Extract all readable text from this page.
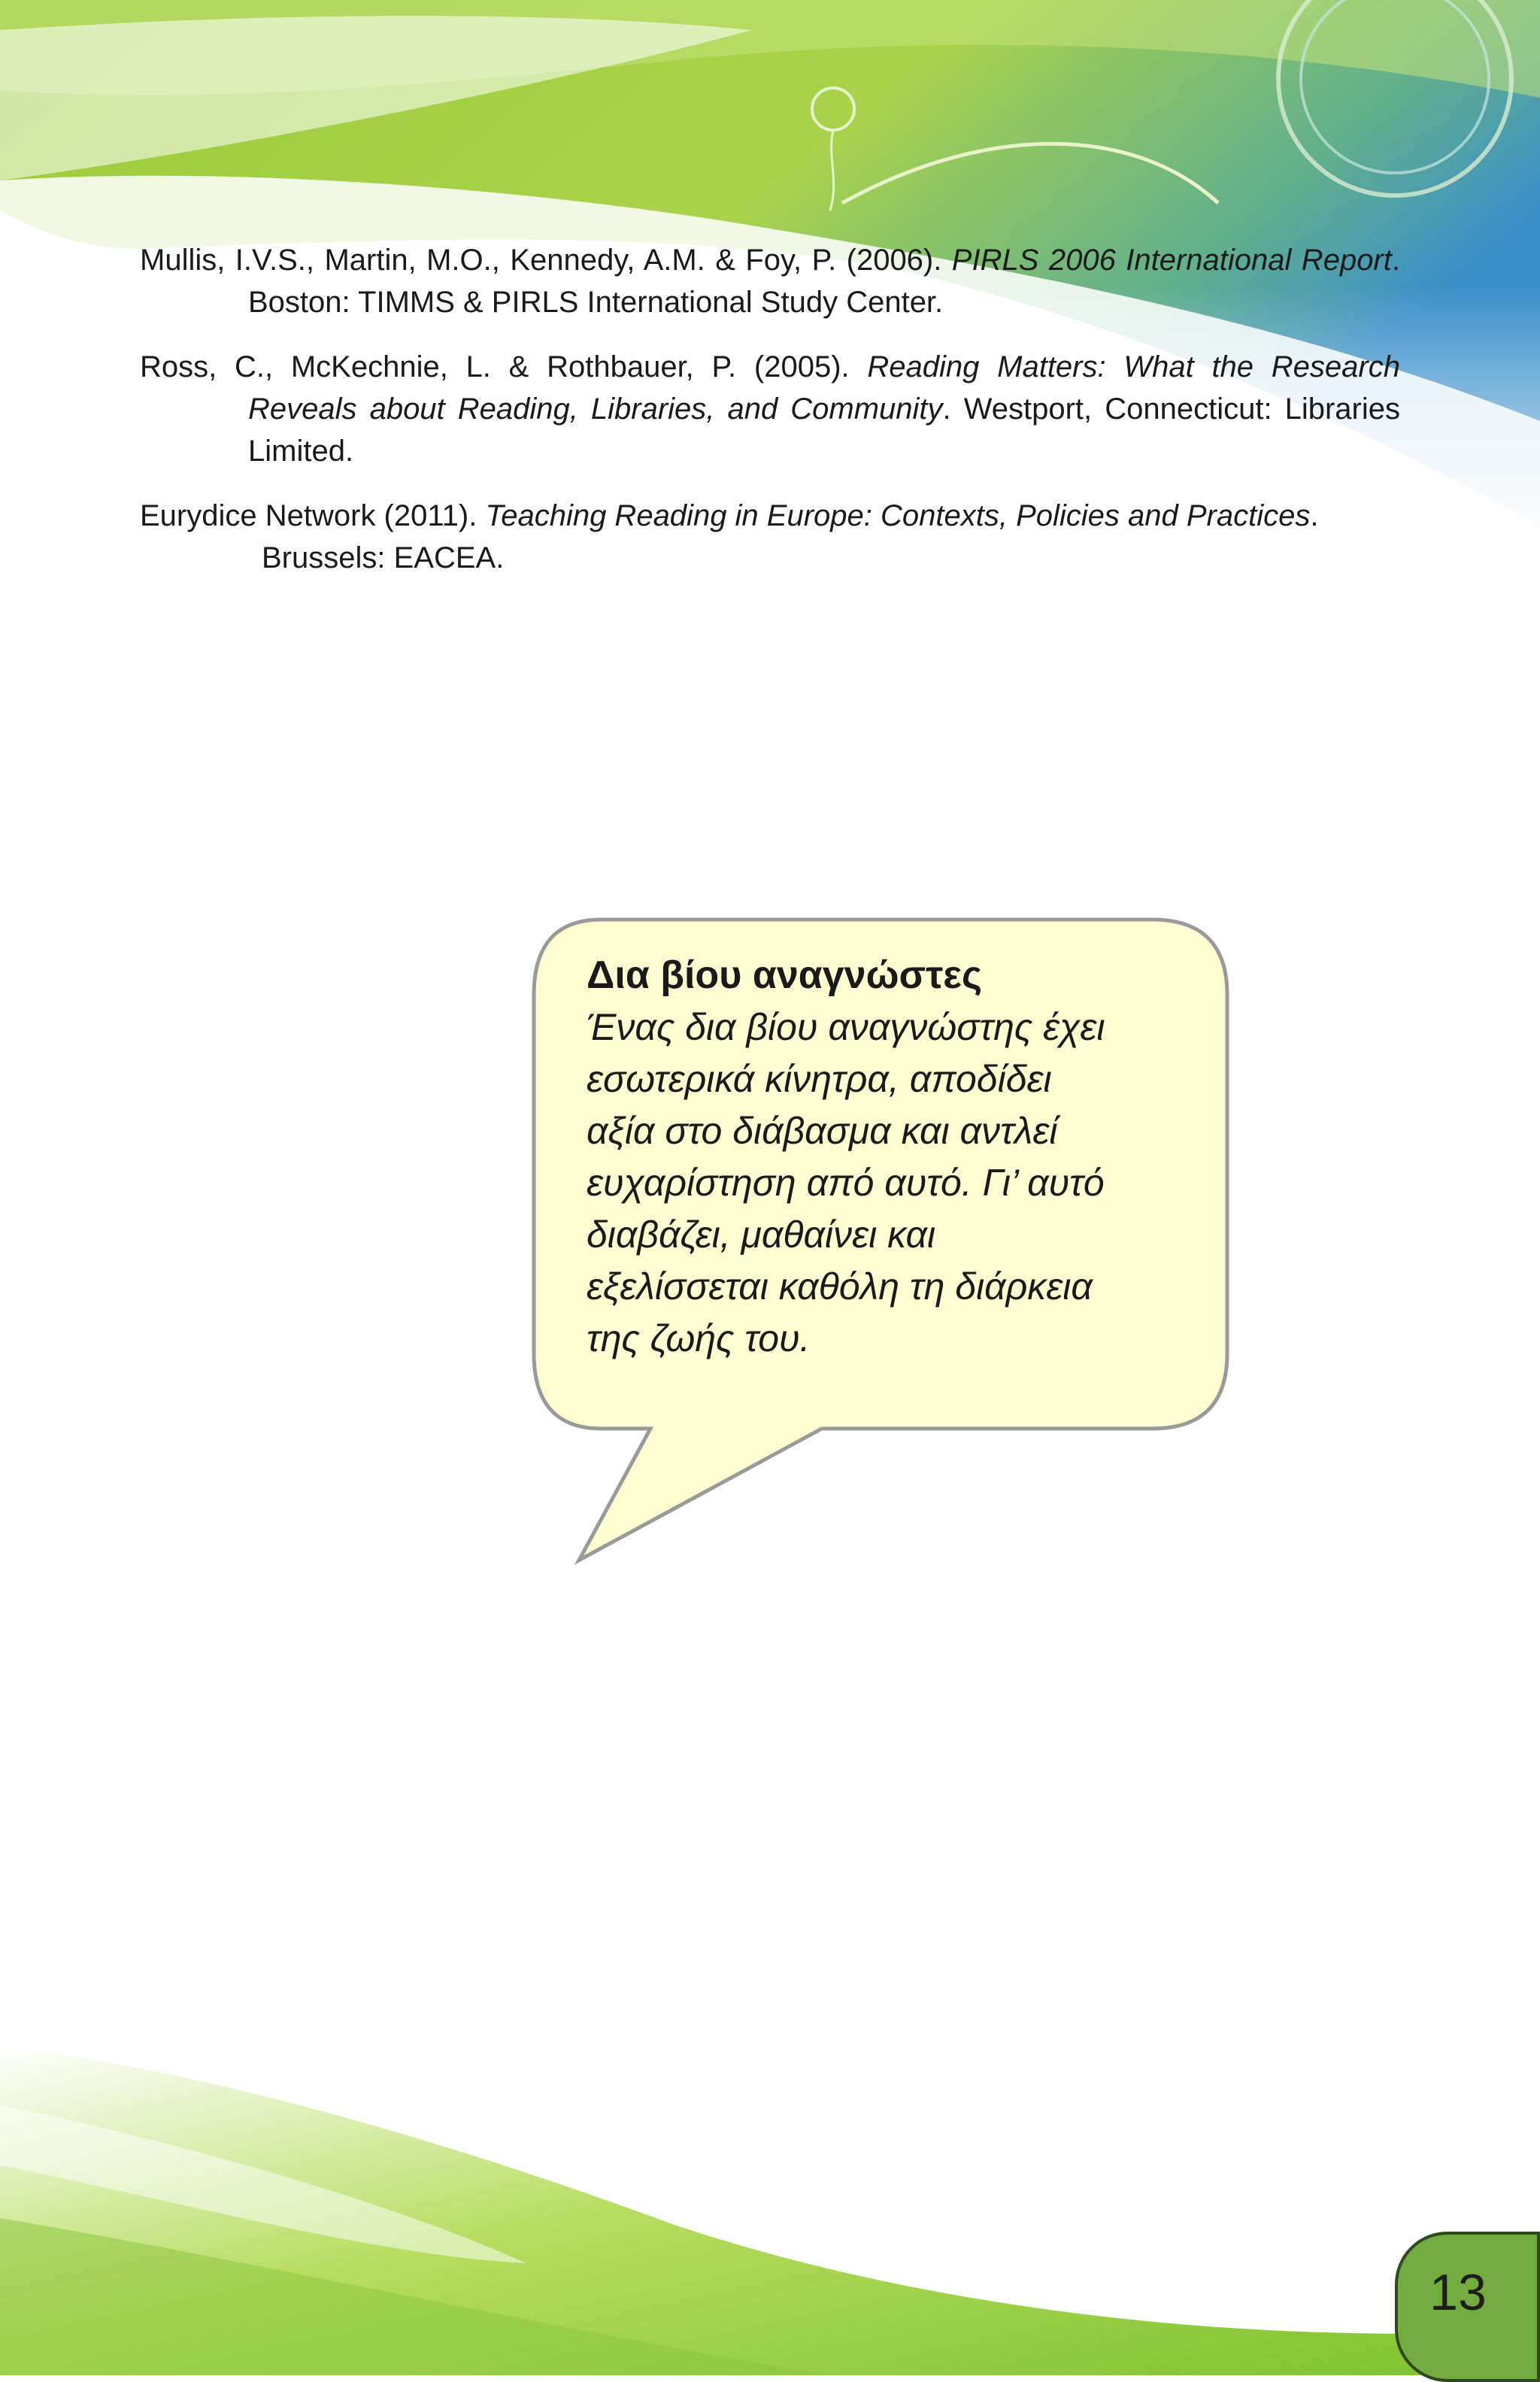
Mullis, I.V.S., Martin, M.O., Kennedy, A.M. & Foy, P. (2006). PIRLS 2006 International Report. Boston: TIMMS & PIRLS International Study Center.

Ross, C., McKechnie, L. & Rothbauer, P. (2005). Reading Matters: What the Research Reveals about Reading, Libraries, and Community. Westport, Connecticut: Libraries Limited.

Eurydice Network (2011). Teaching Reading in Europe: Contexts, Policies and Practices. Brussels: EACEA.

Δια βίου αναγνώστες

Ένας δια βίου αναγνώστης έχει
εσωτερικά κίνητρα, αποδίδει
αξία στο διάβασμα και αντλεί
ευχαρίστηση από αυτό. Γι’ αυτό
διαβάζει, μαθαίνει και
εξελίσσεται καθόλη τη διάρκεια
της ζωής του.

13
